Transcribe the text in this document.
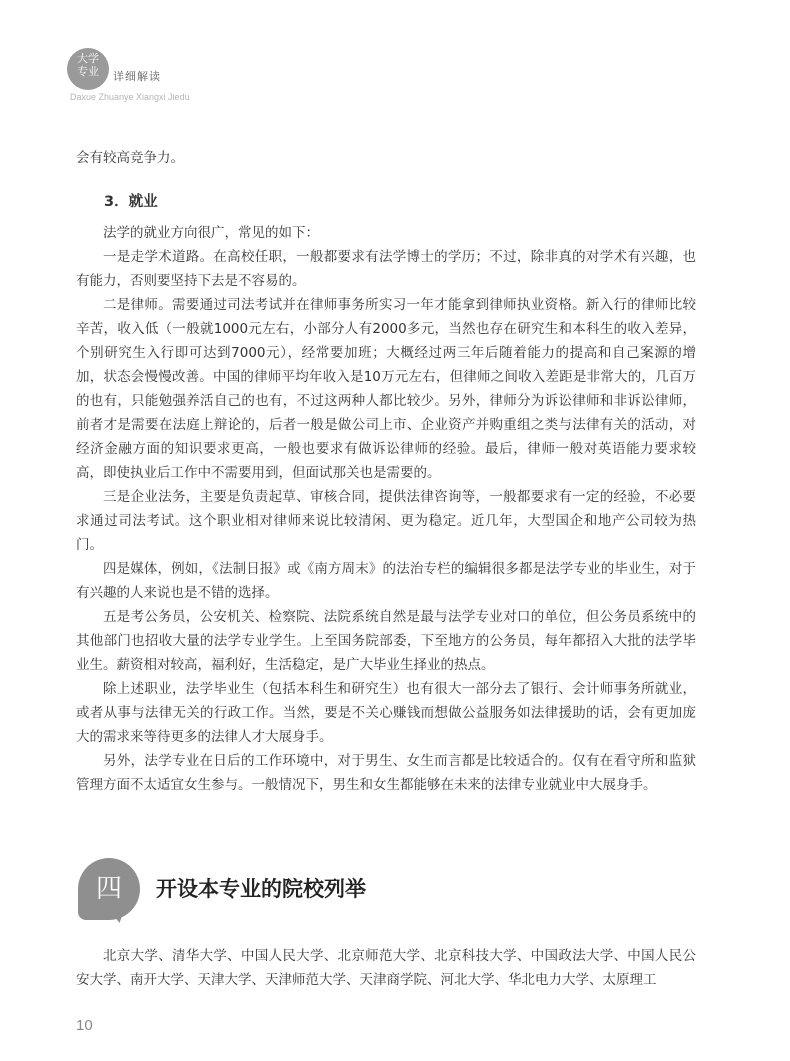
大学
专业	详细解读
Daxue Zhuanye Xiangxi Jiedu

会有较高竞争力。

3．就业

法学的就业方向很广，常见的如下：

一是走学术道路。在高校任职，一般都要求有法学博士的学历；不过，除非真的对学术有兴趣，也有能力，否则要坚持下去是不容易的。

二是律师。需要通过司法考试并在律师事务所实习一年才能拿到律师执业资格。新入行的律师比较辛苦，收入低（一般就1000元左右，小部分人有2000多元，当然也存在研究生和本科生的收入差异，个别研究生入行即可达到7000元），经常要加班；大概经过两三年后随着能力的提高和自己案源的增加，状态会慢慢改善。中国的律师平均年收入是10万元左右，但律师之间收入差距是非常大的，几百万的也有，只能勉强养活自己的也有，不过这两种人都比较少。另外，律师分为诉讼律师和非诉讼律师，前者才是需要在法庭上辩论的，后者一般是做公司上市、企业资产并购重组之类与法律有关的活动，对经济金融方面的知识要求更高，一般也要求有做诉讼律师的经验。最后，律师一般对英语能力要求较高，即使执业后工作中不需要用到，但面试那关也是需要的。

三是企业法务，主要是负责起草、审核合同，提供法律咨询等，一般都要求有一定的经验，不必要求通过司法考试。这个职业相对律师来说比较清闲、更为稳定。近几年，大型国企和地产公司较为热门。

四是媒体，例如，《法制日报》或《南方周末》的法治专栏的编辑很多都是法学专业的毕业生，对于有兴趣的人来说也是不错的选择。

五是考公务员，公安机关、检察院、法院系统自然是最与法学专业对口的单位，但公务员系统中的其他部门也招收大量的法学专业学生。上至国务院部委，下至地方的公务员，每年都招入大批的法学毕业生。薪资相对较高，福利好，生活稳定，是广大毕业生择业的热点。

除上述职业，法学毕业生（包括本科生和研究生）也有很大一部分去了银行、会计师事务所就业，或者从事与法律无关的行政工作。当然，要是不关心赚钱而想做公益服务如法律援助的话，会有更加庞大的需求来等待更多的法律人才大展身手。

另外，法学专业在日后的工作环境中，对于男生、女生而言都是比较适合的。仅有在看守所和监狱管理方面不太适宜女生参与。一般情况下，男生和女生都能够在未来的法律专业就业中大展身手。

四	开设本专业的院校列举

北京大学、清华大学、中国人民大学、北京师范大学、北京科技大学、中国政法大学、中国人民公安大学、南开大学、天津大学、天津师范大学、天津商学院、河北大学、华北电力大学、太原理工

10
